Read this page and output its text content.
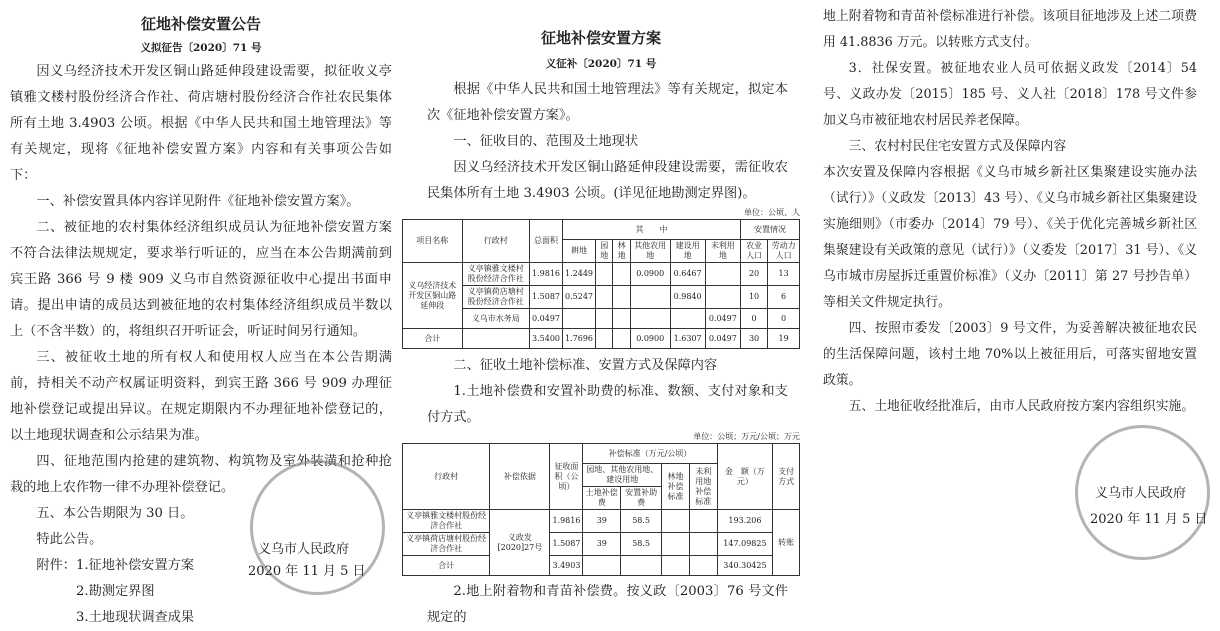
征地补偿安置公告
义拟征告〔2020〕71 号
因义乌经济技术开发区铜山路延伸段建设需要，拟征收义亭镇雅文楼村股份经济合作社、荷店塘村股份经济合作社农民集体所有土地 3.4903 公顷。根据《中华人民共和国土地管理法》等有关规定，现将《征地补偿安置方案》内容和有关事项公告如下：
一、补偿安置具体内容详见附件《征地补偿安置方案》。
二、被征地的农村集体经济组织成员认为征地补偿安置方案不符合法律法规规定，要求举行听证的，应当在本公告期满前到宾王路 366 号 9 楼 909 义乌市自然资源征收中心提出书面申请。提出申请的成员达到被征地的农村集体经济组织成员半数以上（不含半数）的，将组织召开听证会，听证时间另行通知。
三、被征收土地的所有权人和使用权人应当在本公告期满前，持相关不动产权属证明资料，到宾王路 366 号 909 办理征地补偿登记或提出异议。在规定期限内不办理征地补偿登记的，以土地现状调查和公示结果为准。
四、征地范围内抢建的建筑物、构筑物及室外装潢和抢种抢栽的地上农作物一律不办理补偿登记。
五、本公告期限为 30 日。
特此公告。
附件：1.征地补偿安置方案
2.勘测定界图
3.土地现状调查成果
义乌市人民政府
2020 年 11 月 5 日
征地补偿安置方案
义征补〔2020〕71 号
根据《中华人民共和国土地管理法》等有关规定，拟定本次《征地补偿安置方案》。
一、征收目的、范围及土地现状
因义乌经济技术开发区铜山路延伸段建设需要，需征收农民集体所有土地 3.4903 公顷。(详见征地勘测定界图)。
单位：公顷、人
项目名称	行政村	总面积	其　　中						安置情况	
			耕地	园地	林地	其他农用地	建设用地	未利用地	农业人口	劳动力人口
义乌经济技术开发区铜山路延伸段	义亭镇雅文楼村股份经济合作社	1.9816	1.2449			0.0900	0.6467		20	13
	义亭镇荷店塘村股份经济合作社	1.5087	0.5247				0.9840		10	6
	义乌市水务局	0.0497						0.0497	0	0
合计		3.5400	1.7696			0.0900	1.6307	0.0497	30	19
二、征收土地补偿标准、安置方式及保障内容
1.土地补偿费和安置补助费的标准、数额、支付对象和支付方式。
单位：公顷；万元/公顷；万元
行政村	补偿依据	征收面积（公顷）	补偿标准（万元/公顷）				金　额（万元）	支付方式
			园地、其他农用地、建设用地		林地补偿标准	未利用地补偿标准		
			土地补偿费	安置补助费				
义亭镇雅文楼村股份经济合作社	义政发[2020]27号	1.9816	39	58.5			193.206	转账
义亭镇荷店塘村股份经济合作社		1.5087	39	58.5			147.09825	
合计		3.4903					340.30425	
2.地上附着物和青苗补偿费。按义政〔2003〕76 号文件规定的
地上附着物和青苗补偿标准进行补偿。该项目征地涉及上述二项费用 41.8836 万元。以转账方式支付。
3．社保安置。被征地农业人员可依据义政发〔2014〕54 号、义政办发〔2015〕185 号、义人社〔2018〕178 号文件参加义乌市被征地农村居民养老保障。
三、农村村民住宅安置方式及保障内容
本次安置及保障内容根据《义乌市城乡新社区集聚建设实施办法（试行）》（义政发〔2013〕43 号）、《义乌市城乡新社区集聚建设实施细则》（市委办〔2014〕79 号）、《关于优化完善城乡新社区集聚建设有关政策的意见（试行）》（义委发〔2017〕31 号）、《义乌市城市房屋拆迁重置价标准》（义办〔2011〕第 27 号抄告单）等相关文件规定执行。
四、按照市委发〔2003〕9 号文件，为妥善解决被征地农民的生活保障问题，该村土地 70%以上被征用后，可落实留地安置政策。
五、土地征收经批准后，由市人民政府按方案内容组织实施。
义乌市人民政府
2020 年 11 月 5 日
